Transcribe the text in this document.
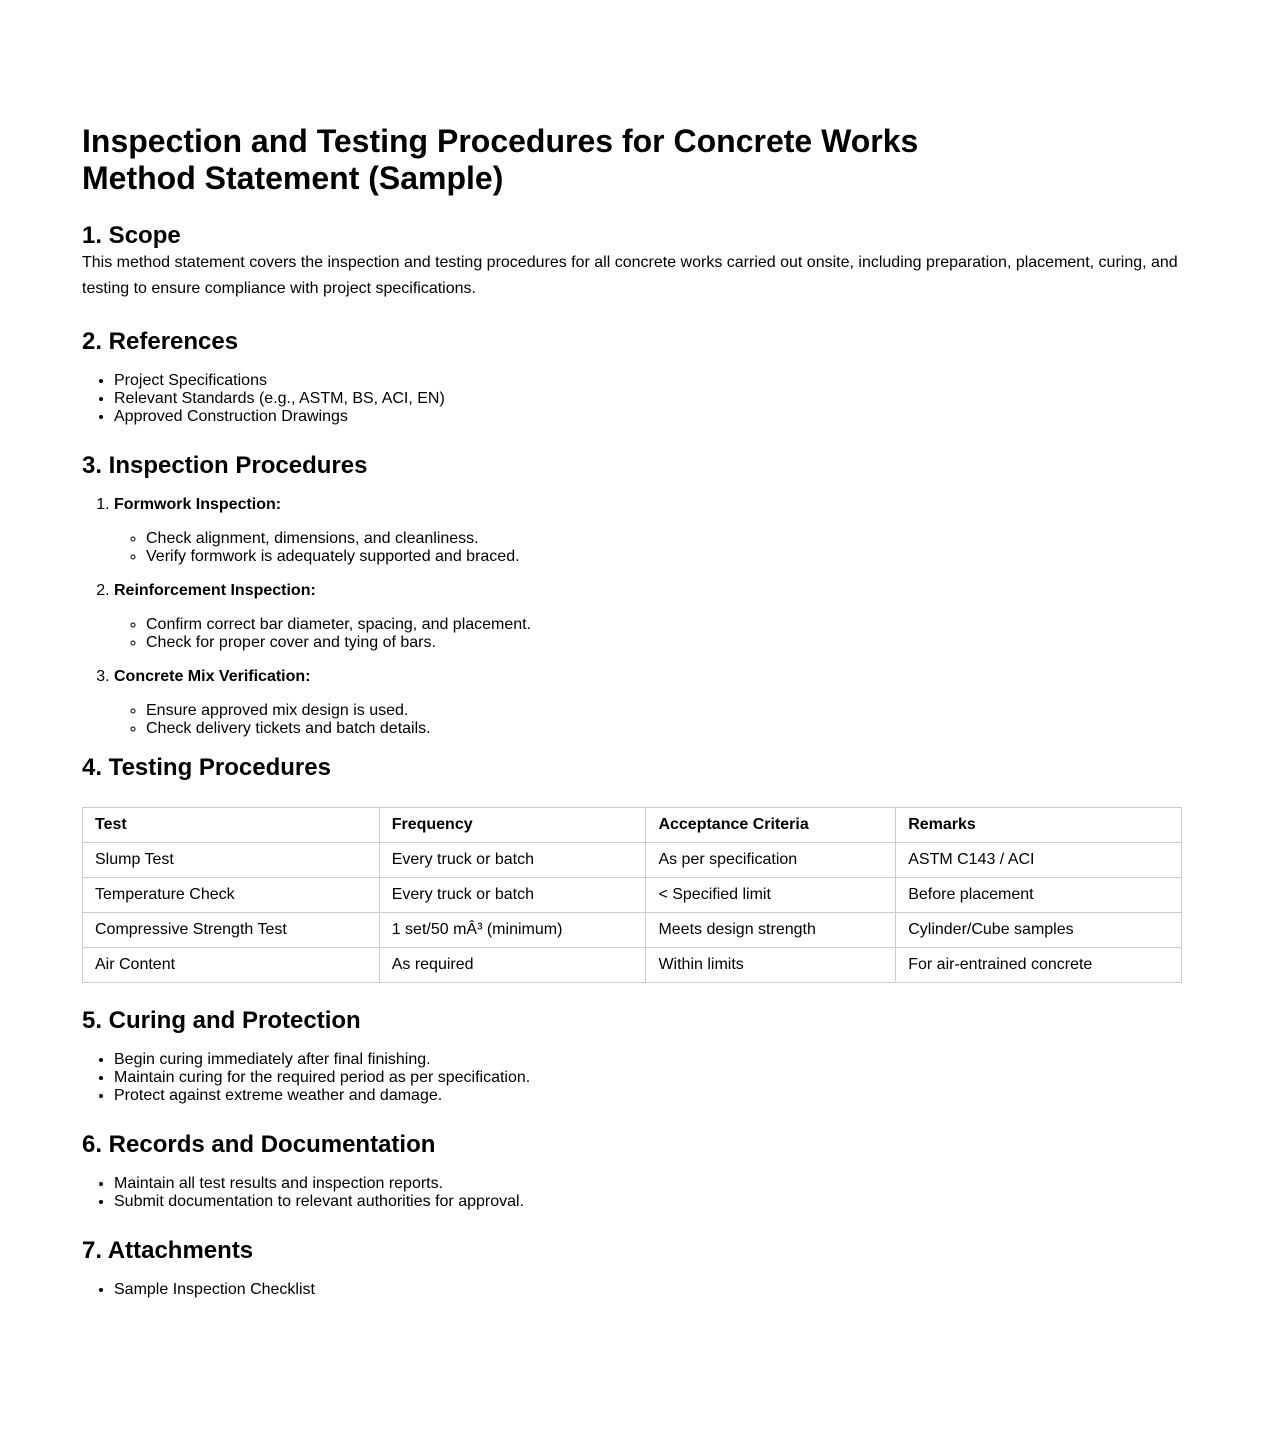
Inspection and Testing Procedures for Concrete Works
Method Statement (Sample)
1. Scope

This method statement covers the inspection and testing procedures for all concrete works carried out onsite, including preparation, placement, curing, and testing to ensure compliance with project specifications.

2. References
• Project Specifications
• Relevant Standards (e.g., ASTM, BS, ACI, EN)
• Approved Construction Drawings
3. Inspection Procedures
1. Formwork Inspection:
◦ Check alignment, dimensions, and cleanliness.
◦ Verify formwork is adequately supported and braced.
2. Reinforcement Inspection:
◦ Confirm correct bar diameter, spacing, and placement.
◦ Check for proper cover and tying of bars.
3. Concrete Mix Verification:
◦ Ensure approved mix design is used.
◦ Check delivery tickets and batch details.
4. Testing Procedures
Test	Frequency	Acceptance Criteria	Remarks
Slump Test	Every truck or batch	As per specification	ASTM C143 / ACI
Temperature Check	Every truck or batch	< Specified limit	Before placement
Compressive Strength Test	1 set/50 mÂ³ (minimum)	Meets design strength	Cylinder/Cube samples
Air Content	As required	Within limits	For air-entrained concrete
5. Curing and Protection
• Begin curing immediately after final finishing.
• Maintain curing for the required period as per specification.
• Protect against extreme weather and damage.
6. Records and Documentation
• Maintain all test results and inspection reports.
• Submit documentation to relevant authorities for approval.
7. Attachments
• Sample Inspection Checklist
